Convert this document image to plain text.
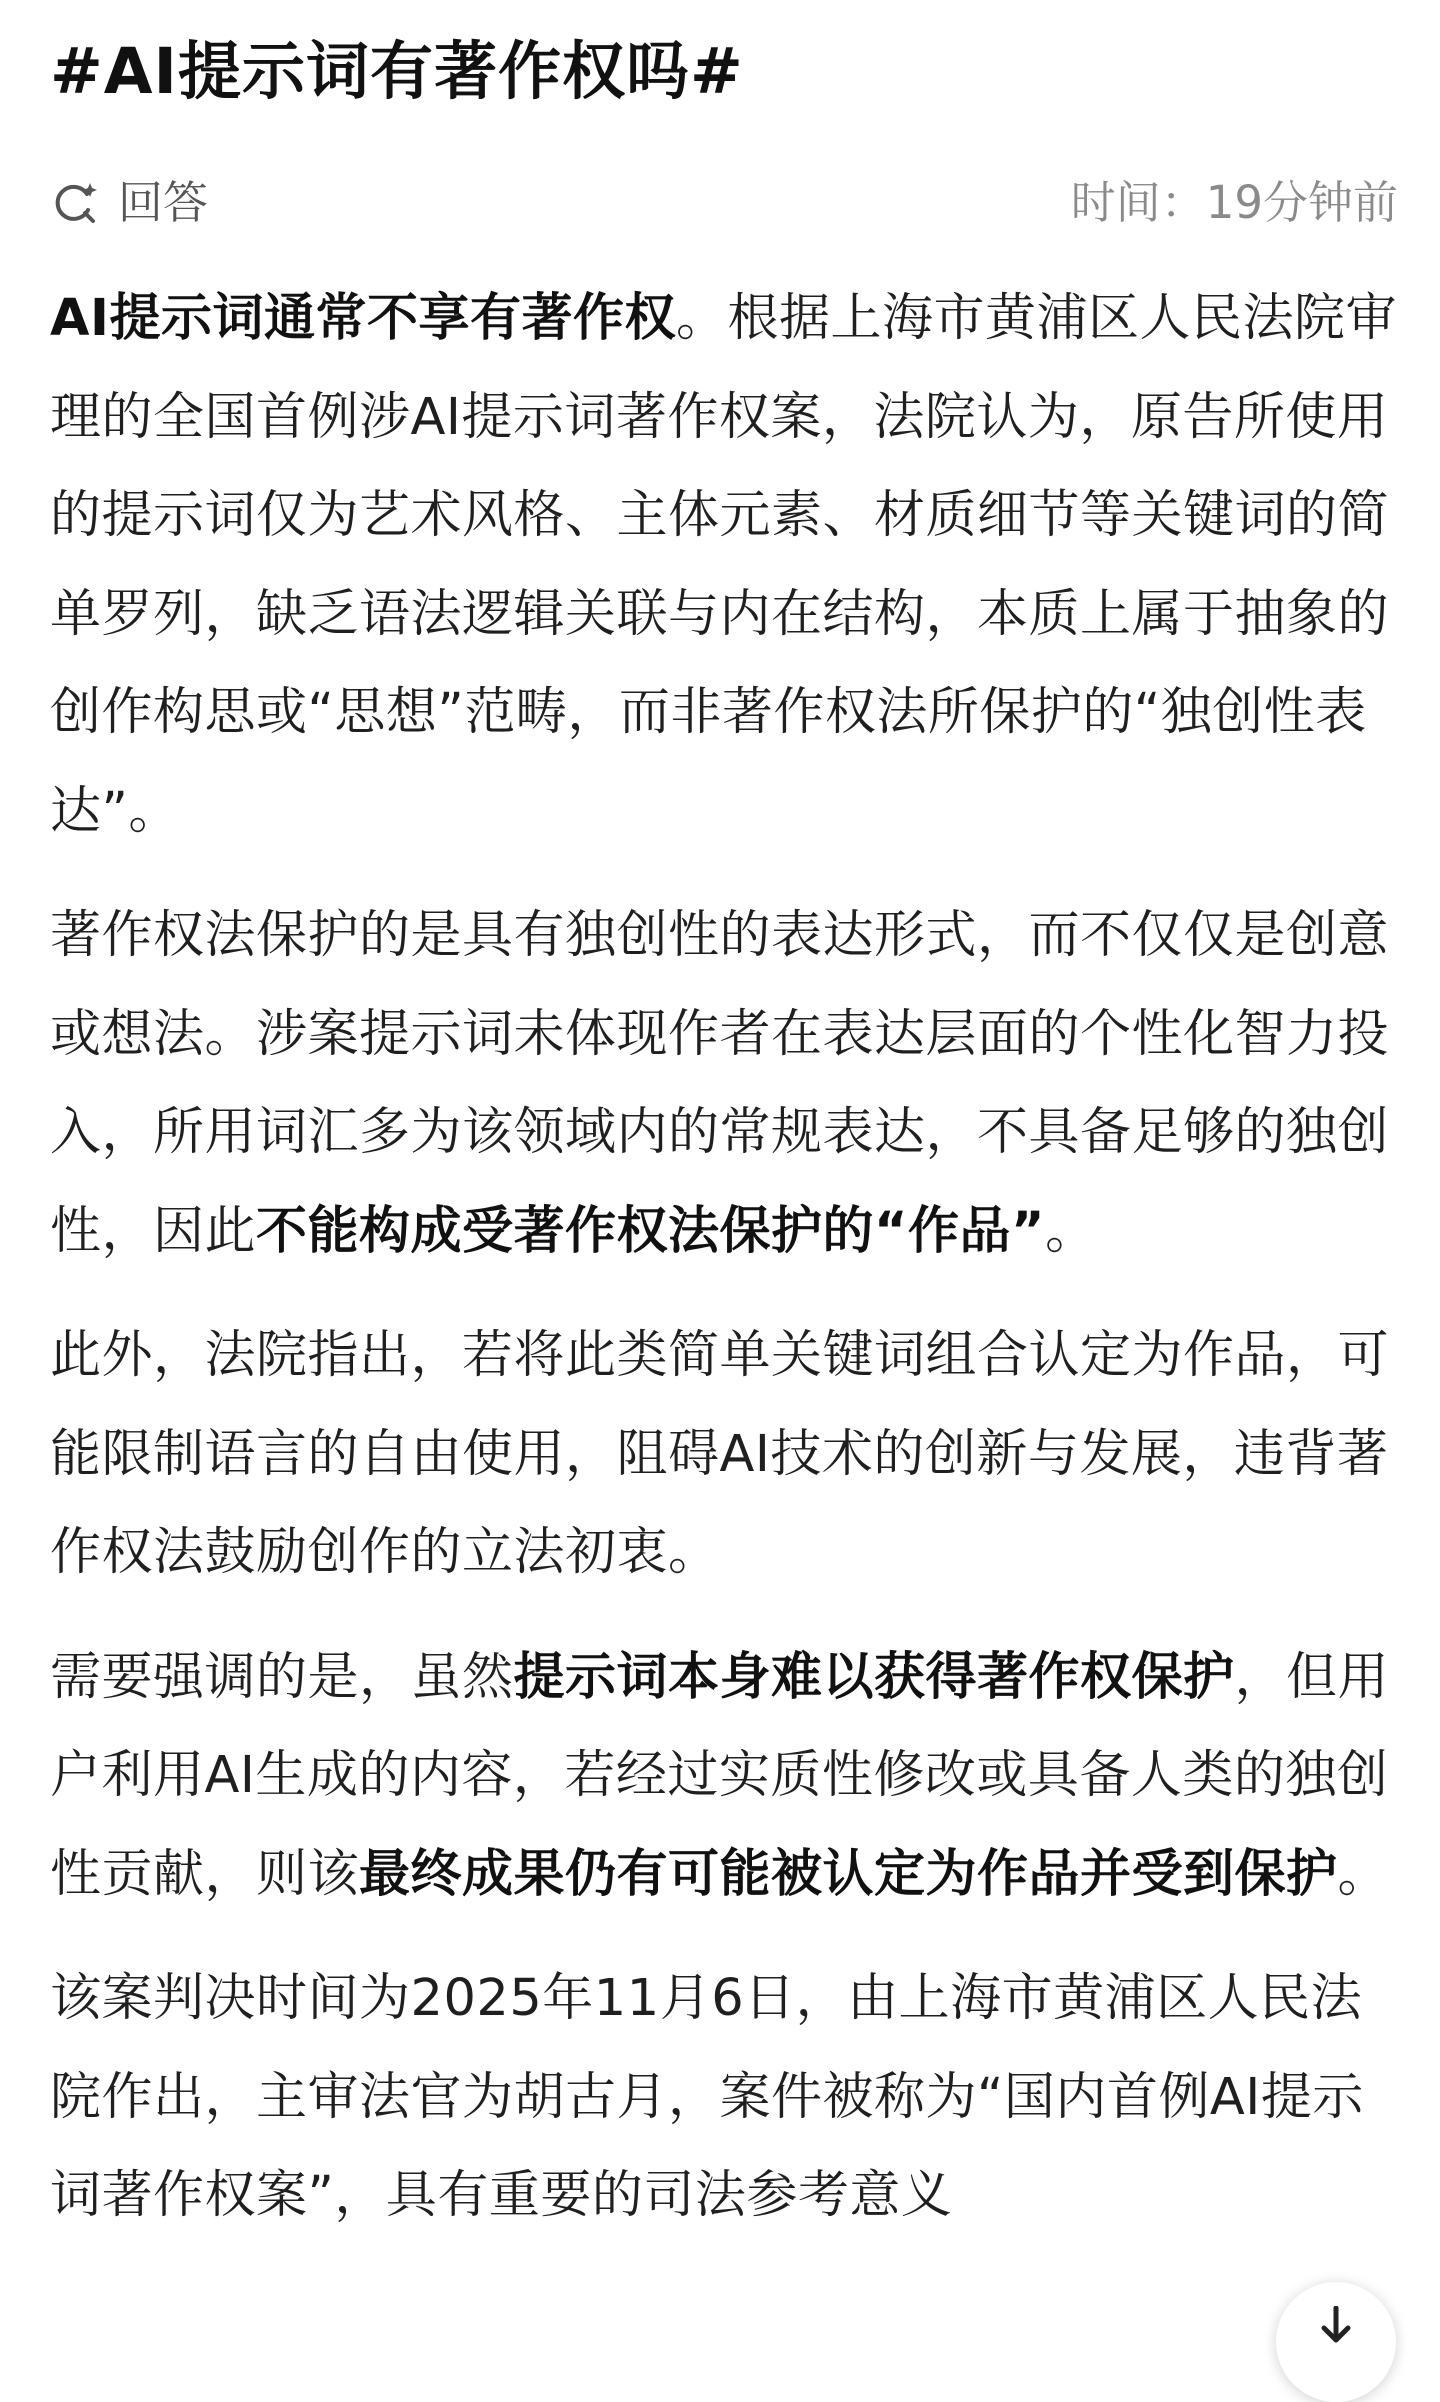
#AI提示词有著作权吗#
回答	时间：19分钟前

AI提示词通常不享有著作权。根据上海市黄浦区人民法院审理的全国首例涉AI提示词著作权案，法院认为，原告所使用的提示词仅为艺术风格、主体元素、材质细节等关键词的简单罗列，缺乏语法逻辑关联与内在结构，本质上属于抽象的创作构思或“思想”范畴，而非著作权法所保护的“独创性表达”。

著作权法保护的是具有独创性的表达形式，而不仅仅是创意或想法。涉案提示词未体现作者在表达层面的个性化智力投入，所用词汇多为该领域内的常规表达，不具备足够的独创性，因此不能构成受著作权法保护的“作品”。

此外，法院指出，若将此类简单关键词组合认定为作品，可能限制语言的自由使用，阻碍AI技术的创新与发展，违背著作权法鼓励创作的立法初衷。

需要强调的是，虽然提示词本身难以获得著作权保护，但用户利用AI生成的内容，若经过实质性修改或具备人类的独创性贡献，则该最终成果仍有可能被认定为作品并受到保护。

该案判决时间为2025年11月6日，由上海市黄浦区人民法院作出，主审法官为胡古月，案件被称为“国内首例AI提示词著作权案”，具有重要的司法参考意义
